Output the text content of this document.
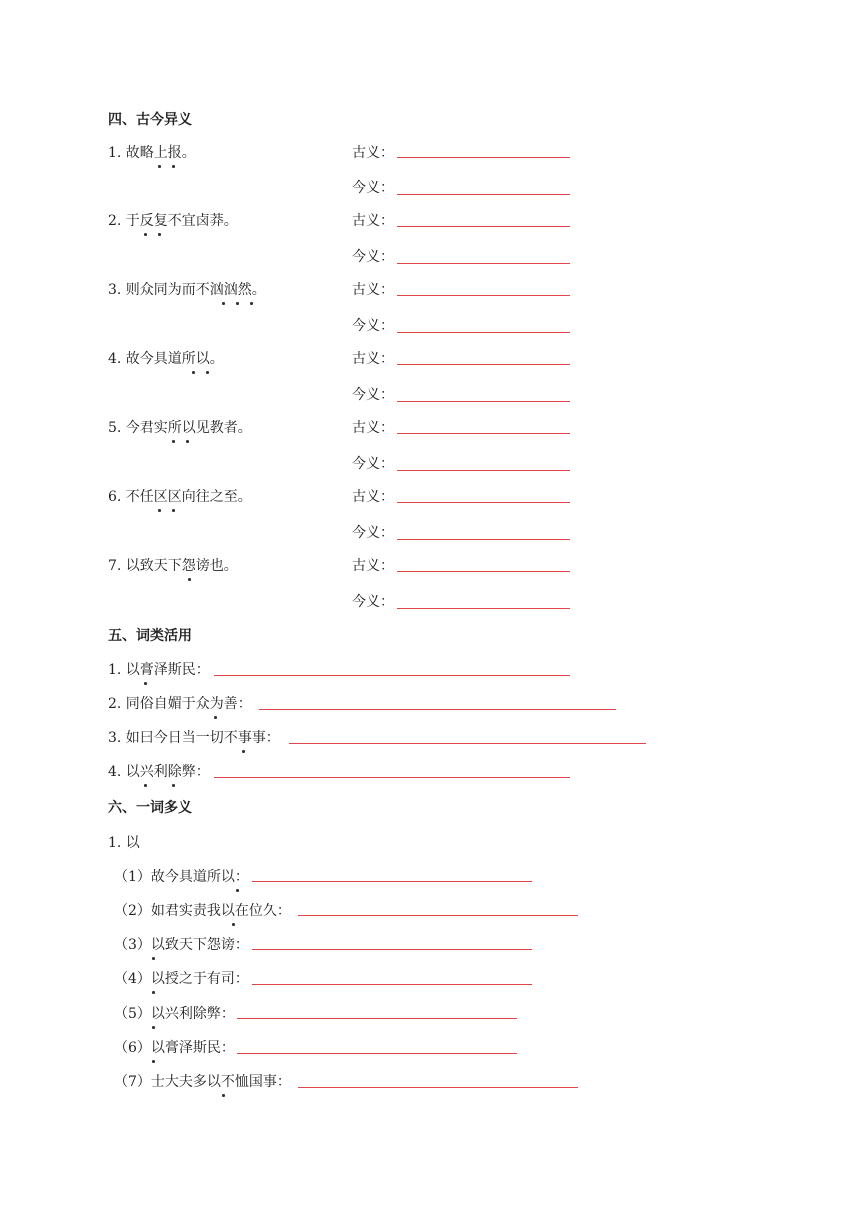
四、古今异义
1. 故略上报。	古义：
今义：
2. 于反复不宜卤莽。	古义：
今义：
3. 则众同为而不汹汹然。	古义：
今义：
4. 故今具道所以。	古义：
今义：
5. 今君实所以见教者。	古义：
今义：
6. 不任区区向往之至。	古义：
今义：
7. 以致天下怨谤也。	古义：
今义：
五、词类活用
1. 以膏泽斯民：
2. 同俗自媚于众为善：
3. 如曰今日当一切不事事：
4. 以兴利除弊：
六、一词多义
1. 以
（1）故今具道所以：
（2）如君实责我以在位久：
（3）以致天下怨谤：
（4）以授之于有司：
（5）以兴利除弊：
（6）以膏泽斯民：
（7）士大夫多以不恤国事：
